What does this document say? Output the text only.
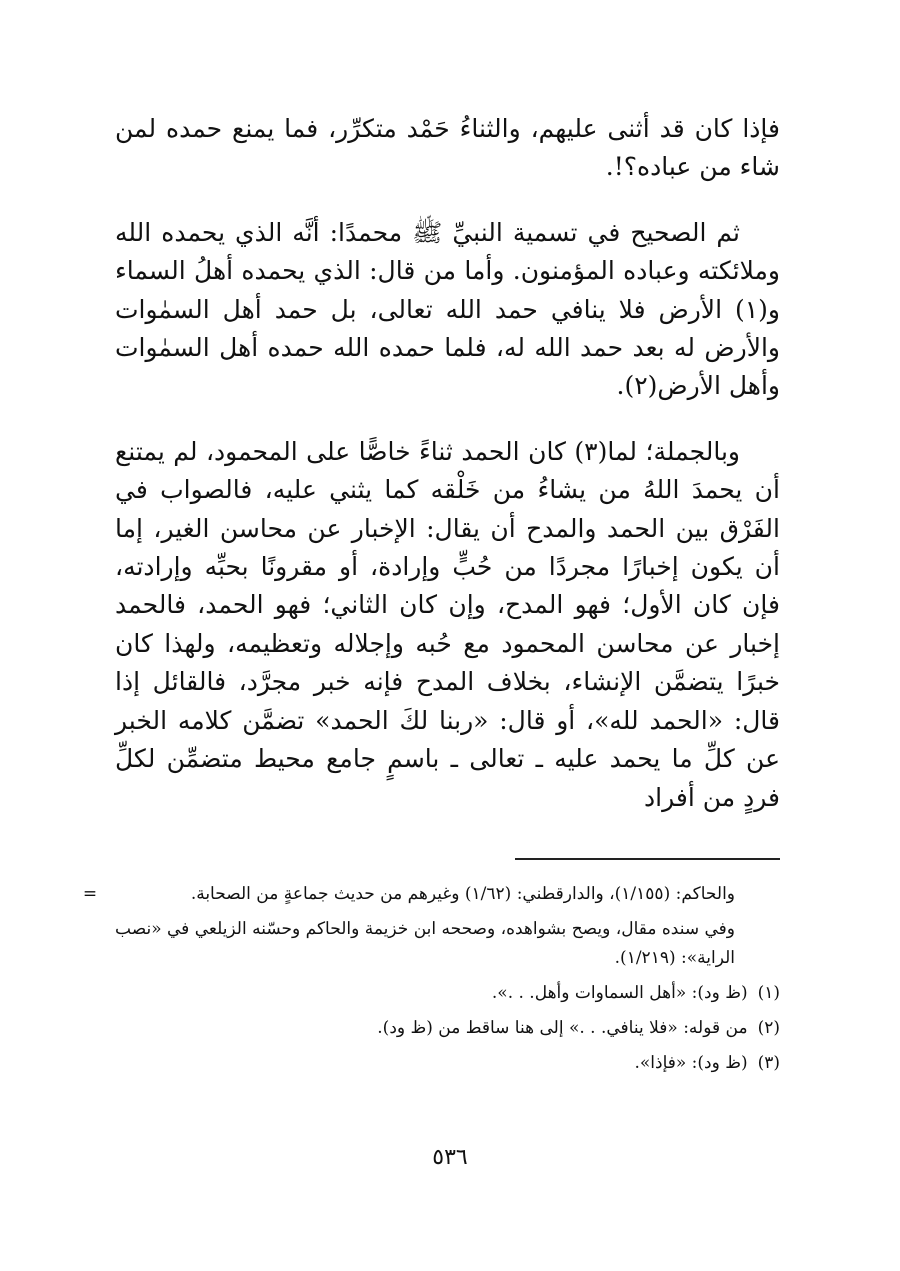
فإذا كان قد أثنى عليهم، والثناءُ حَمْد متكرِّر، فما يمنع حمده لمن شاء من عباده؟!.

ثم الصحيح في تسمية النبيِّ ﷺ محمدًا: أنَّه الذي يحمده الله وملائكته وعباده المؤمنون. وأما من قال: الذي يحمده أهلُ السماء و(١) الأرض فلا ينافي حمد الله تعالى، بل حمد أهل السمٰوات والأرض له بعد حمد الله له، فلما حمده الله حمده أهل السمٰوات وأهل الأرض(٢).

وبالجملة؛ لما(٣) كان الحمد ثناءً خاصًّا على المحمود، لم يمتنع أن يحمدَ اللهُ من يشاءُ من خَلْقه كما يثني عليه، فالصواب في الفَرْق بين الحمد والمدح أن يقال: الإخبار عن محاسن الغير، إما أن يكون إخبارًا مجردًا من حُبٍّ وإرادة، أو مقرونًا بحبِّه وإرادته، فإن كان الأول؛ فهو المدح، وإن كان الثاني؛ فهو الحمد، فالحمد إخبار عن محاسن المحمود مع حُبه وإجلاله وتعظيمه، ولهذا كان خبرًا يتضمَّن الإنشاء، بخلاف المدح فإنه خبر مجرَّد، فالقائل إذا قال: «الحمد لله»، أو قال: «ربنا لكَ الحمد» تضمَّن كلامه الخبر عن كلِّ ما يحمد عليه ـ تعالى ـ باسمٍ جامع محيط متضمِّن لكلِّ فردٍ من أفراد

=	والحاكم: (١/١٥٥)، والدارقطني: (١/٦٢) وغيرهم من حديث جماعةٍ من الصحابة.
وفي سنده مقال، ويصح بشواهده، وصححه ابن خزيمة والحاكم وحسّنه الزيلعي في «نصب الراية»: (١/٢١٩).
(١)
(ظ ود): «أهل السماوات وأهل. . .».
(٢)
من قوله: «فلا ينافي. . .» إلى هنا ساقط من (ظ ود).
(٣)
(ظ ود): «فإذا».
٥٣٦
